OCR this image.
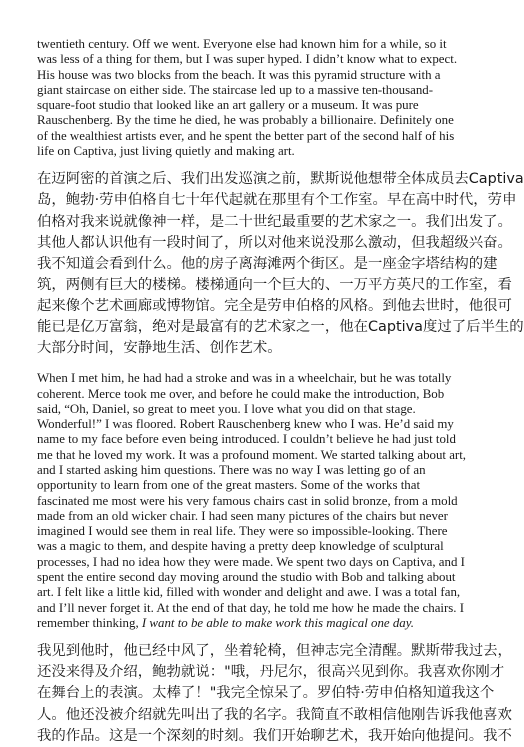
twentieth century. Off we went. Everyone else had known him for a while, so it
was less of a thing for them, but I was super hyped. I didn’t know what to expect.
His house was two blocks from the beach. It was this pyramid structure with a
giant staircase on either side. The staircase led up to a massive ten-thousand-
square-foot studio that looked like an art gallery or a museum. It was pure
Rauschenberg. By the time he died, he was probably a billionaire. Definitely one
of the wealthiest artists ever, and he spent the better part of the second half of his
life on Captiva, just living quietly and making art.

在迈阿密的首演之后、我们出发巡演之前，默斯说他想带全体成员去Captiva
岛，鲍勃·劳申伯格自七十年代起就在那里有个工作室。早在高中时代，劳申
伯格对我来说就像神一样，是二十世纪最重要的艺术家之一。我们出发了。
其他人都认识他有一段时间了，所以对他来说没那么激动，但我超级兴奋。
我不知道会看到什么。他的房子离海滩两个街区。是一座金字塔结构的建
筑，两侧有巨大的楼梯。楼梯通向一个巨大的、一万平方英尺的工作室，看
起来像个艺术画廊或博物馆。完全是劳申伯格的风格。到他去世时，他很可
能已是亿万富翁，绝对是最富有的艺术家之一，他在Captiva度过了后半生的
大部分时间，安静地生活、创作艺术。

When I met him, he had had a stroke and was in a wheelchair, but he was totally
coherent. Merce took me over, and before he could make the introduction, Bob
said, “Oh, Daniel, so great to meet you. I love what you did on that stage.
Wonderful!” I was floored. Robert Rauschenberg knew who I was. He’d said my
name to my face before even being introduced. I couldn’t believe he had just told
me that he loved my work. It was a profound moment. We started talking about art,
and I started asking him questions. There was no way I was letting go of an
opportunity to learn from one of the great masters. Some of the works that
fascinated me most were his very famous chairs cast in solid bronze, from a mold
made from an old wicker chair. I had seen many pictures of the chairs but never
imagined I would see them in real life. They were so impossible-looking. There
was a magic to them, and despite having a pretty deep knowledge of sculptural
processes, I had no idea how they were made. We spent two days on Captiva, and I
spent the entire second day moving around the studio with Bob and talking about
art. I felt like a little kid, filled with wonder and delight and awe. I was a total fan,
and I’ll never forget it. At the end of that day, he told me how he made the chairs. I
remember thinking, I want to be able to make work this magical one day.

我见到他时，他已经中风了，坐着轮椅，但神志完全清醒。默斯带我过去，
还没来得及介绍，鲍勃就说："哦，丹尼尔，很高兴见到你。我喜欢你刚才
在舞台上的表演。太棒了！"我完全惊呆了。罗伯特·劳申伯格知道我这个
人。他还没被介绍就先叫出了我的名字。我简直不敢相信他刚告诉我他喜欢
我的作品。这是一个深刻的时刻。我们开始聊艺术，我开始向他提问。我不
